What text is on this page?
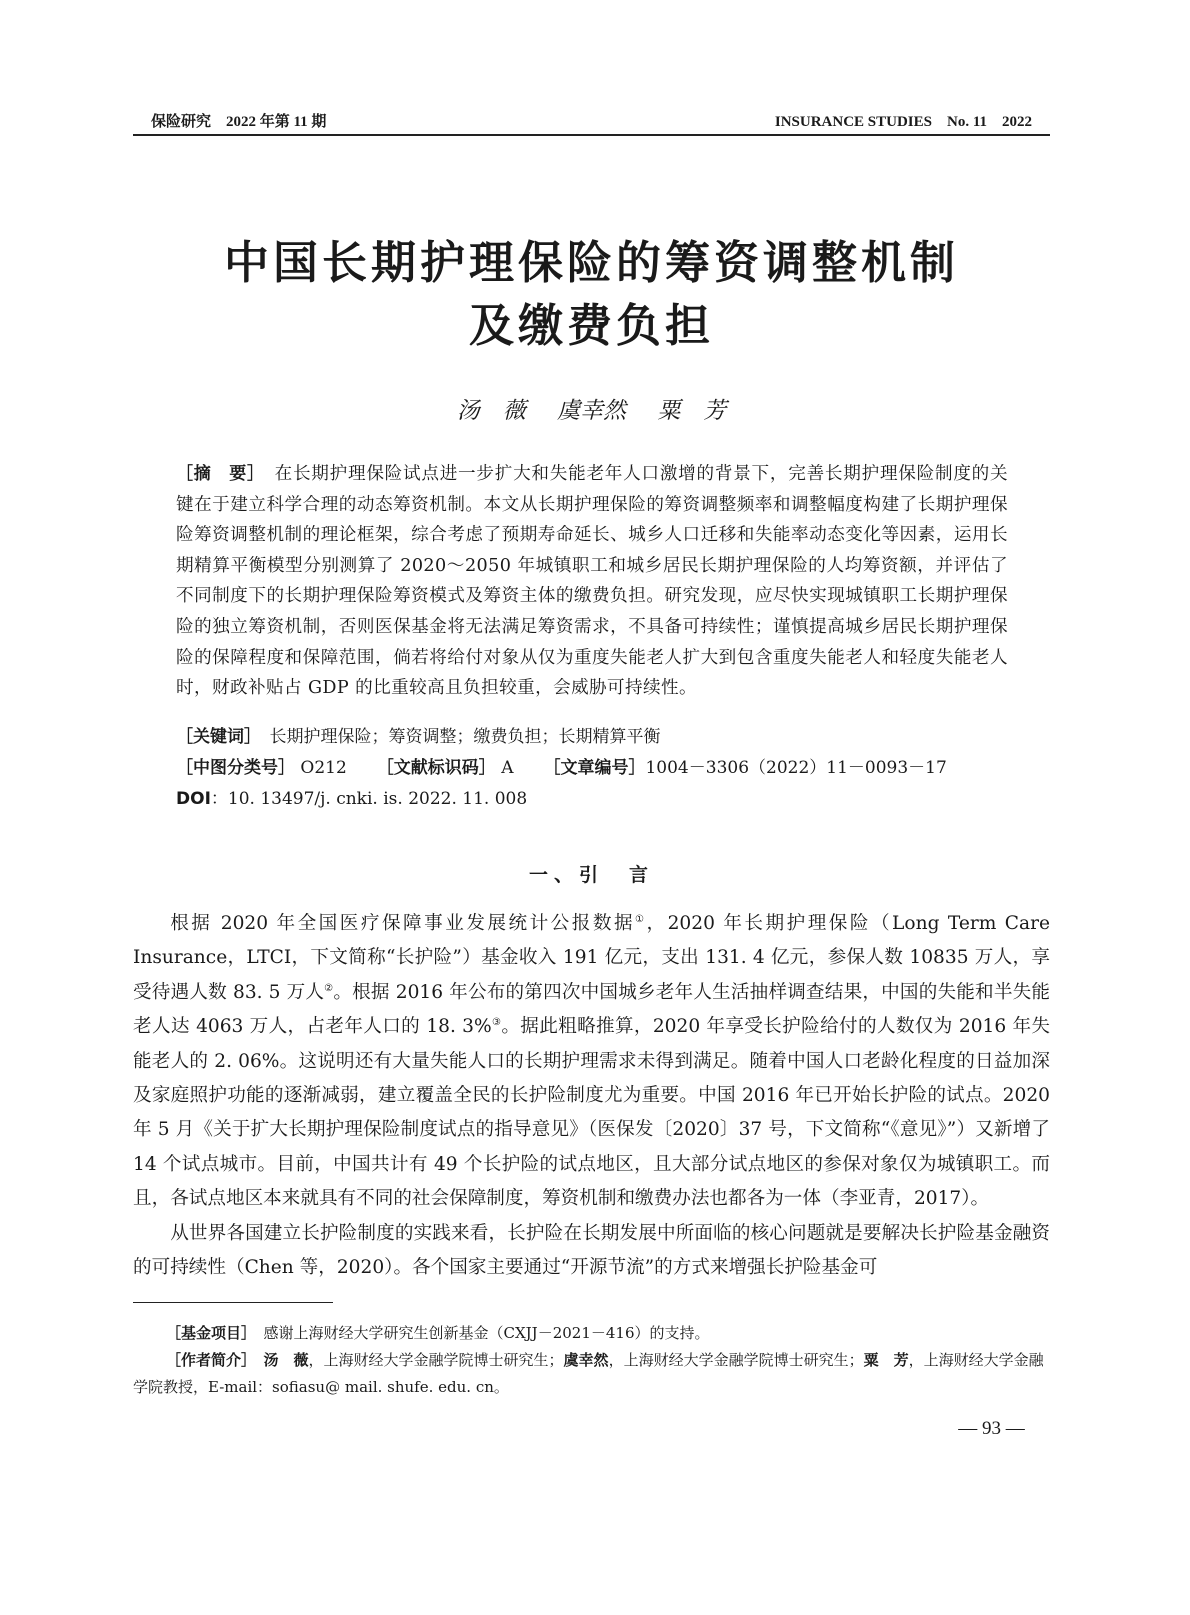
保险研究　2022 年第 11 期	INSURANCE STUDIES　No. 11　2022
中国长期护理保险的筹资调整机制
及缴费负担
汤　薇 虞幸然 粟　芳
［摘　要］　在长期护理保险试点进一步扩大和失能老年人口激增的背景下，完善长期护理保险制度的关键在于建立科学合理的动态筹资机制。本文从长期护理保险的筹资调整频率和调整幅度构建了长期护理保险筹资调整机制的理论框架，综合考虑了预期寿命延长、城乡人口迁移和失能率动态变化等因素，运用长期精算平衡模型分别测算了 2020～2050 年城镇职工和城乡居民长期护理保险的人均筹资额，并评估了不同制度下的长期护理保险筹资模式及筹资主体的缴费负担。研究发现，应尽快实现城镇职工长期护理保险的独立筹资机制，否则医保基金将无法满足筹资需求，不具备可持续性；谨慎提高城乡居民长期护理保险的保障程度和保障范围，倘若将给付对象从仅为重度失能老人扩大到包含重度失能老人和轻度失能老人时，财政补贴占 GDP 的比重较高且负担较重，会威胁可持续性。
［关键词］　长期护理保险；筹资调整；缴费负担；长期精算平衡
［中图分类号］ O212 ［文献标识码］ A ［文章编号］1004－3306（2022）11－0093－17
DOI：10. 13497/j. cnki. is. 2022. 11. 008
一、引　言

根据 2020 年全国医疗保障事业发展统计公报数据①，2020 年长期护理保险（Long Term Care Insurance，LTCI，下文简称“长护险”）基金收入 191 亿元，支出 131. 4 亿元，参保人数 10835 万人，享受待遇人数 83. 5 万人②。根据 2016 年公布的第四次中国城乡老年人生活抽样调查结果，中国的失能和半失能老人达 4063 万人，占老年人口的 18. 3%③。据此粗略推算，2020 年享受长护险给付的人数仅为 2016 年失能老人的 2. 06%。这说明还有大量失能人口的长期护理需求未得到满足。随着中国人口老龄化程度的日益加深及家庭照护功能的逐渐减弱，建立覆盖全民的长护险制度尤为重要。中国 2016 年已开始长护险的试点。2020 年 5 月《关于扩大长期护理保险制度试点的指导意见》（医保发〔2020〕37 号，下文简称“《意见》”）又新增了 14 个试点城市。目前，中国共计有 49 个长护险的试点地区，且大部分试点地区的参保对象仅为城镇职工。而且，各试点地区本来就具有不同的社会保障制度，筹资机制和缴费办法也都各为一体（李亚青，2017）。

从世界各国建立长护险制度的实践来看，长护险在长期发展中所面临的核心问题就是要解决长护险基金融资的可持续性（Chen 等，2020）。各个国家主要通过“开源节流”的方式来增强长护险基金可

［基金项目］　感谢上海财经大学研究生创新基金（CXJJ－2021－416）的支持。

［作者简介］　汤　薇，上海财经大学金融学院博士研究生；虞幸然，上海财经大学金融学院博士研究生；粟　芳，上海财经大学金融学院教授，E-mail：sofiasu@ mail. shufe. edu. cn。

— 93 —
